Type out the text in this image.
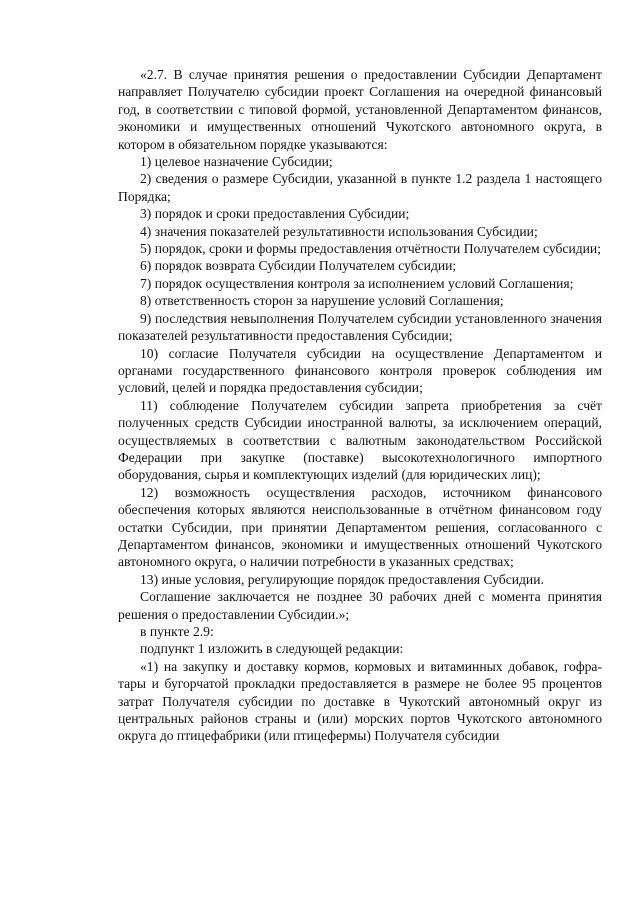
«2.7. В случае принятия решения о предоставлении Субсидии Департамент направляет Получателю субсидии проект Соглашения на очередной финансовый год, в соответствии с типовой формой, установленной Департаментом финансов, экономики и имущественных отношений Чукотского автономного округа, в котором в обязательном порядке указываются:

1) целевое назначение Субсидии;

2) сведения о размере Субсидии, указанной в пункте 1.2 раздела 1 настоящего Порядка;

3) порядок и сроки предоставления Субсидии;

4) значения показателей результативности использования Субсидии;

5) порядок, сроки и формы предоставления отчётности Получателем субсидии;

6) порядок возврата Субсидии Получателем субсидии;

7) порядок осуществления контроля за исполнением условий Соглашения;

8) ответственность сторон за нарушение условий Соглашения;

9) последствия невыполнения Получателем субсидии установленного значения показателей результативности предоставления Субсидии;

10) согласие Получателя субсидии на осуществление Департаментом и органами государственного финансового контроля проверок соблюдения им условий, целей и порядка предоставления субсидии;

11) соблюдение Получателем субсидии запрета приобретения за счёт полученных средств Субсидии иностранной валюты, за исключением операций, осуществляемых в соответствии с валютным законодательством Российской Федерации при закупке (поставке) высокотехнологичного импортного оборудования, сырья и комплектующих изделий (для юридических лиц);

12) возможность осуществления расходов, источником финансового обеспечения которых являются неиспользованные в отчётном финансовом году остатки Субсидии, при принятии Департаментом решения, согласованного с Департаментом финансов, экономики и имущественных отношений Чукотского автономного округа, о наличии потребности в указанных средствах;

13) иные условия, регулирующие порядок предоставления Субсидии.

Соглашение заключается не позднее 30 рабочих дней с момента принятия решения о предоставлении Субсидии.»;

в пункте 2.9:

подпункт 1 изложить в следующей редакции:

«1) на закупку и доставку кормов, кормовых и витаминных добавок, гофра-тары и бугорчатой прокладки предоставляется в размере не более 95 процентов затрат Получателя субсидии по доставке в Чукотский автономный округ из центральных районов страны и (или) морских портов Чукотского автономного округа до птицефабрики (или птицефермы) Получателя субсидии
